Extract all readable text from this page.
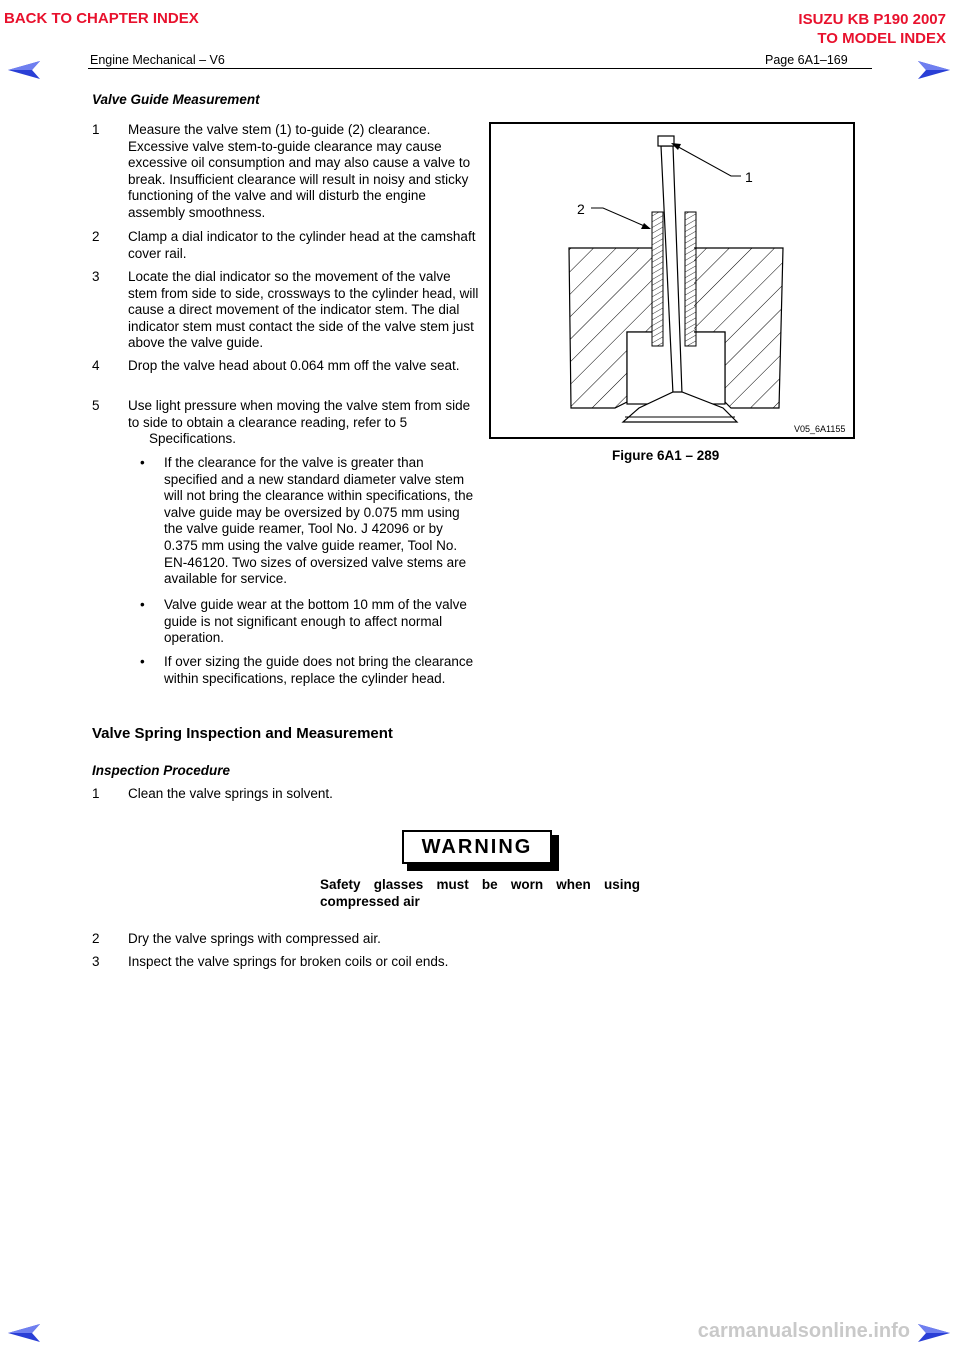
BACK TO CHAPTER INDEX	ISUZU KB P190 2007
TO MODEL INDEX
Engine Mechanical – V6	Page 6A1–169
Valve Guide Measurement
1 Measure the valve stem (1) to-guide (2) clearance. Excessive valve stem-to-guide clearance may cause excessive oil consumption and may also cause a valve to break. Insufficient clearance will result in noisy and sticky functioning of the valve and will disturb the engine assembly smoothness.
2 Clamp a dial indicator to the cylinder head at the camshaft cover rail.
3 Locate the dial indicator so the movement of the valve stem from side to side, crossways to the cylinder head, will cause a direct movement of the indicator stem. The dial indicator stem must contact the side of the valve stem just above the valve guide.
4 Drop the valve head about 0.064 mm off the valve seat.
5 Use light pressure when moving the valve stem from side to side to obtain a clearance reading, refer to 5
Specifications.
• If the clearance for the valve is greater than specified and a new standard diameter valve stem will not bring the clearance within specifications, the valve guide may be oversized by 0.075 mm using the valve guide reamer, Tool No. J 42096 or by 0.375 mm using the valve guide reamer, Tool No. EN-46120. Two sizes of oversized valve stems are available for service.
• Valve guide wear at the bottom 10 mm of the valve guide is not significant enough to affect normal operation.
• If over sizing the guide does not bring the clearance within specifications, replace the cylinder head.
1
2
V05_6A1155
Figure 6A1 – 289
Valve Spring Inspection and Measurement
Inspection Procedure
1 Clean the valve springs in solvent.
WARNING
Safety glasses must be worn when using compressed air
2 Dry the valve springs with compressed air.
3 Inspect the valve springs for broken coils or coil ends.
carmanualsonline.info
